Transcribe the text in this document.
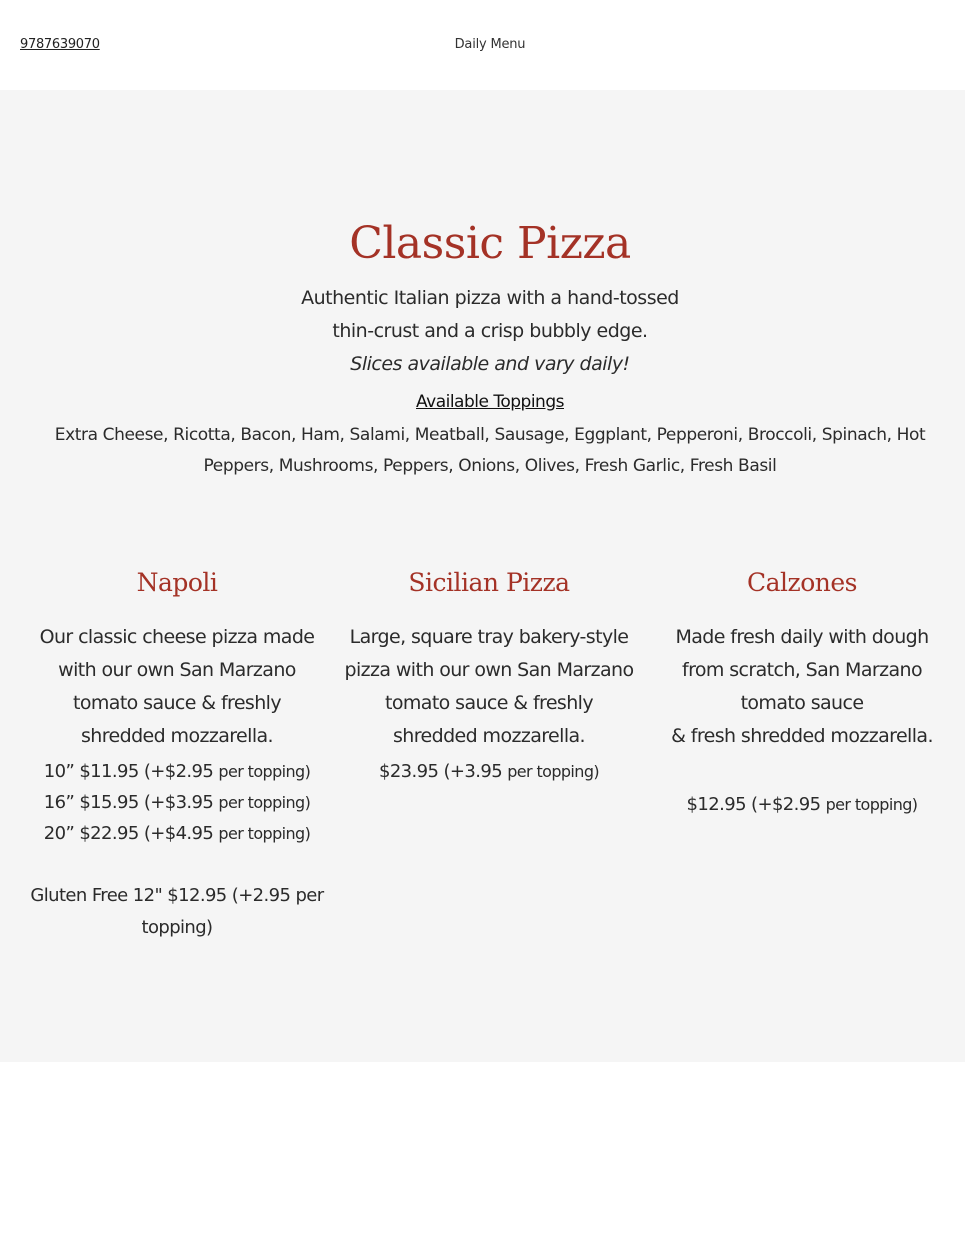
9787639070	Daily Menu
Classic Pizza

Authentic Italian pizza with a hand-tossed

thin-crust and a crisp bubbly edge.

Slices available and vary daily!

Available Toppings
Extra Cheese, Ricotta, Bacon, Ham, Salami, Meatball, Sausage, Eggplant, Pepperoni, Broccoli, Spinach, Hot Peppers, Mushrooms, Peppers, Onions, Olives, Fresh Garlic, Fresh Basil
Napoli

Our classic cheese pizza made with our own San Marzano tomato sauce & freshly shredded mozzarella.

10” $11.95 (+$2.95 per topping)

16” $15.95 (+$3.95 per topping)

20” $22.95 (+$4.95 per topping)

Gluten Free 12" $12.95 (+2.95 per topping)

Sicilian Pizza

Large, square tray bakery-style pizza with our own San Marzano tomato sauce & freshly shredded mozzarella.

$23.95 (+3.95 per topping)

Calzones

Made fresh daily with dough from scratch, San Marzano tomato sauce

& fresh shredded mozzarella.

$12.95 (+$2.95 per topping)
